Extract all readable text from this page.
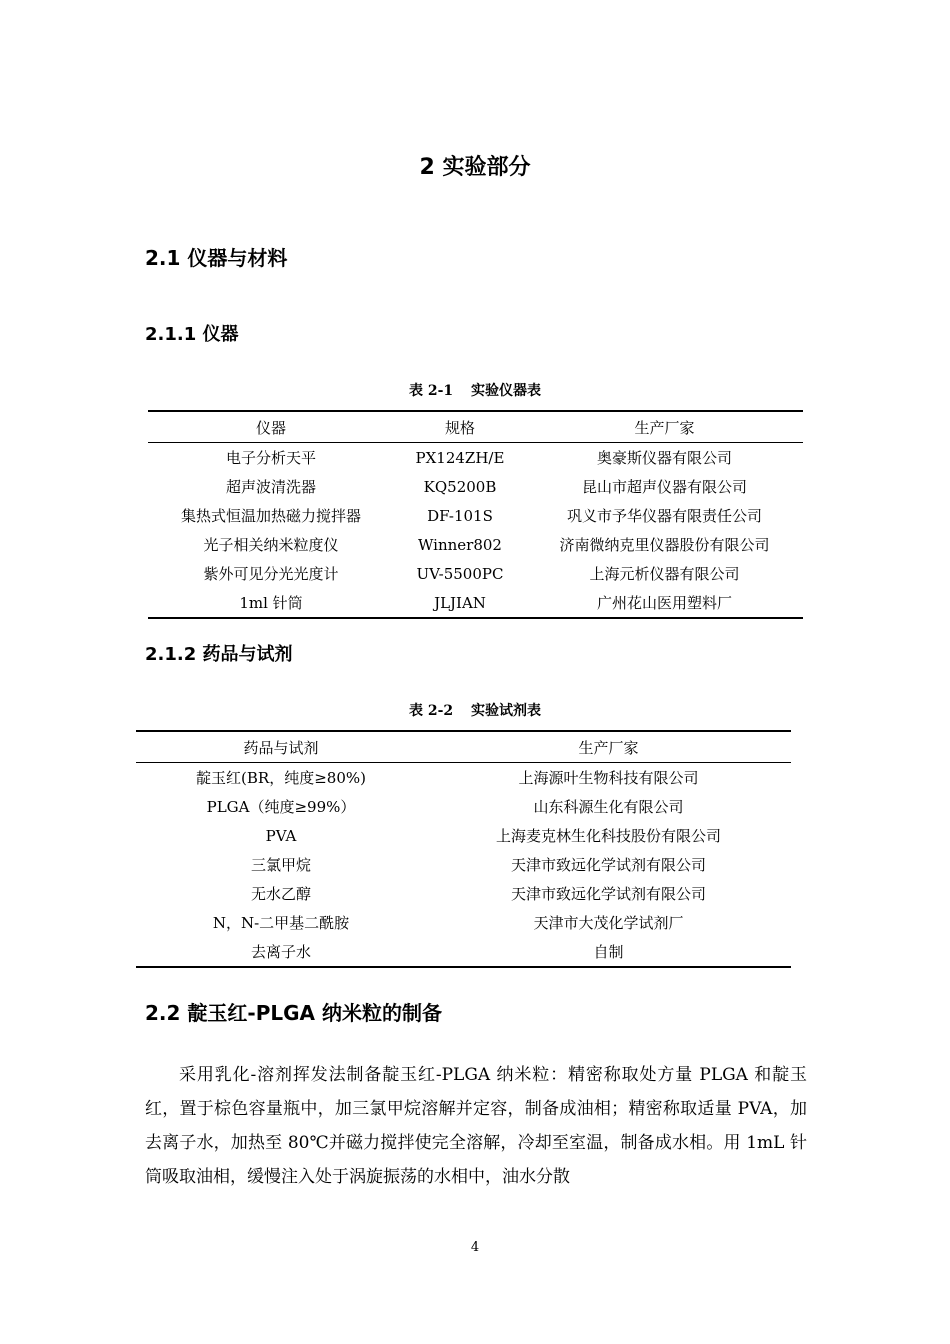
2 实验部分
2.1 仪器与材料
2.1.1 仪器
表 2-1 实验仪器表
仪器	规格	生产厂家
电子分析天平	PX124ZH/E	奥豪斯仪器有限公司
超声波清洗器	KQ5200B	昆山市超声仪器有限公司
集热式恒温加热磁力搅拌器	DF-101S	巩义市予华仪器有限责任公司
光子相关纳米粒度仪	Winner802	济南微纳克里仪器股份有限公司
紫外可见分光光度计	UV-5500PC	上海元析仪器有限公司
1ml 针筒	JLJIAN	广州花山医用塑料厂
2.1.2 药品与试剂
表 2-2 实验试剂表
药品与试剂	生产厂家
靛玉红(BR，纯度≥80%)	上海源叶生物科技有限公司
PLGA（纯度≥99%）	山东科源生化有限公司
PVA	上海麦克林生化科技股份有限公司
三氯甲烷	天津市致远化学试剂有限公司
无水乙醇	天津市致远化学试剂有限公司
N，N-二甲基二酰胺	天津市大茂化学试剂厂
去离子水	自制
2.2 靛玉红-PLGA 纳米粒的制备
采用乳化-溶剂挥发法制备靛玉红-PLGA 纳米粒：精密称取处方量 PLGA 和靛玉红，置于棕色容量瓶中，加三氯甲烷溶解并定容，制备成油相；精密称取适量 PVA，加去离子水，加热至 80℃并磁力搅拌使完全溶解，冷却至室温，制备成水相。用 1mL 针筒吸取油相，缓慢注入处于涡旋振荡的水相中，油水分散
4
